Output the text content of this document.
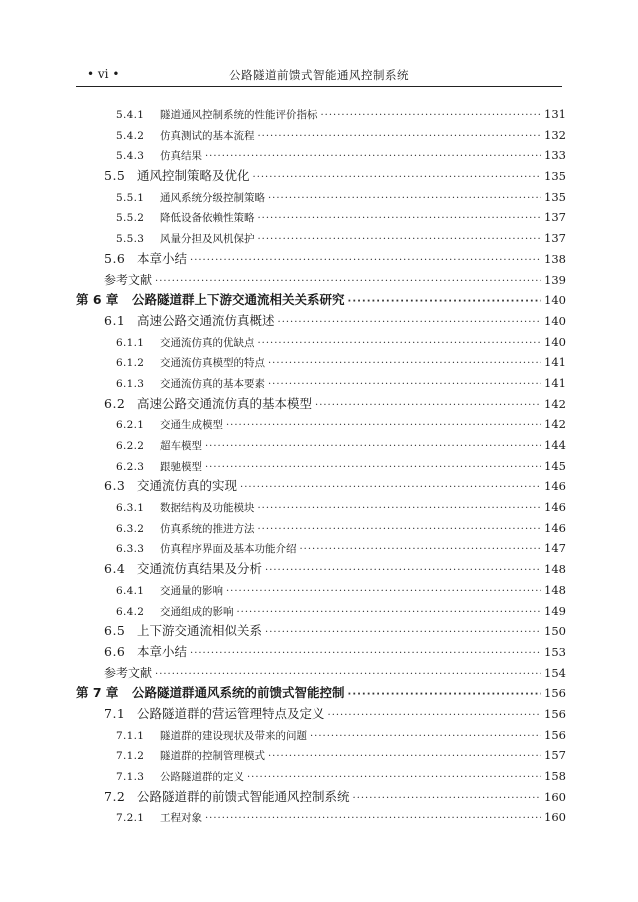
• vi •	公路隧道前馈式智能通风控制系统
5.4.1	隧道通风控制系统的性能评价指标 ·····	131
5.4.2	仿真测试的基本流程 ·····	132
5.4.3	仿真结果 ·····	133
5.5 通风控制策略及优化 ·····	135
5.5.1	通风系统分级控制策略 ·····	135
5.5.2	降低设备依赖性策略 ·····	137
5.5.3	风量分担及风机保护 ·····	137
5.6 本章小结 ·····	138
参考文献 ·····	139
第 6 章	公路隧道群上下游交通流相关关系研究 ·····	140
6.1 高速公路交通流仿真概述 ·····	140
6.1.1	交通流仿真的优缺点 ·····	140
6.1.2	交通流仿真模型的特点 ·····	141
6.1.3	交通流仿真的基本要素 ·····	141
6.2 高速公路交通流仿真的基本模型 ·····	142
6.2.1	交通生成模型 ·····	142
6.2.2	超车模型 ·····	144
6.2.3	跟驰模型 ·····	145
6.3 交通流仿真的实现 ·····	146
6.3.1	数据结构及功能模块 ·····	146
6.3.2	仿真系统的推进方法 ·····	146
6.3.3	仿真程序界面及基本功能介绍 ·····	147
6.4 交通流仿真结果及分析 ·····	148
6.4.1	交通量的影响 ·····	148
6.4.2	交通组成的影响 ·····	149
6.5 上下游交通流相似关系 ·····	150
6.6 本章小结 ·····	153
参考文献 ·····	154
第 7 章	公路隧道群通风系统的前馈式智能控制 ·····	156
7.1 公路隧道群的营运管理特点及定义 ·····	156
7.1.1	隧道群的建设现状及带来的问题 ·····	156
7.1.2	隧道群的控制管理模式 ·····	157
7.1.3	公路隧道群的定义 ·····	158
7.2 公路隧道群的前馈式智能通风控制系统 ·····	160
7.2.1	工程对象 ·····	160
